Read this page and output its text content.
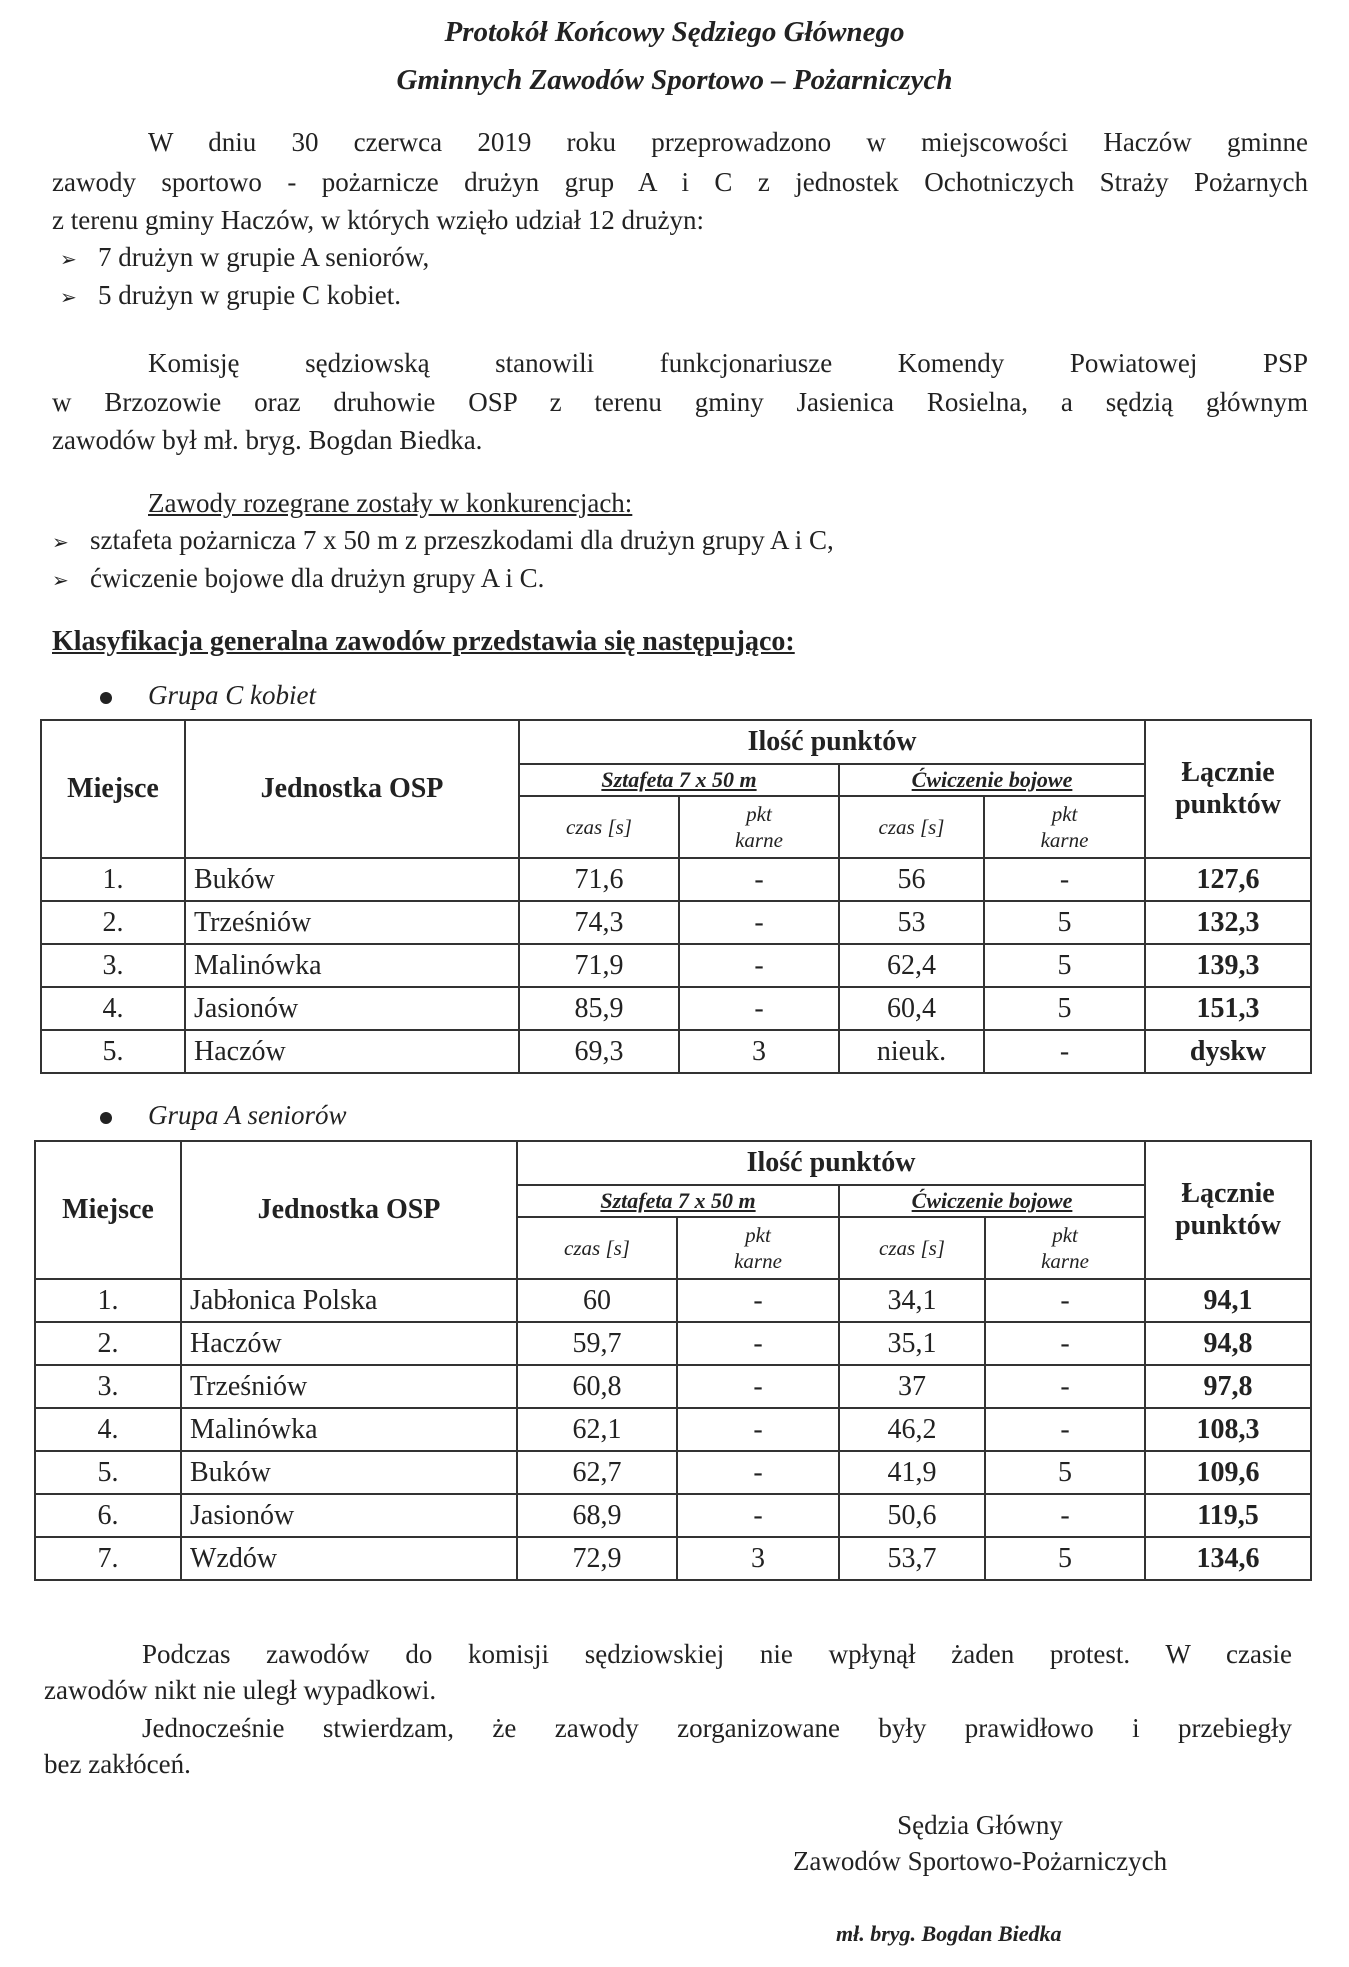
Protokół Końcowy Sędziego Głównego
Gminnych Zawodów Sportowo – Pożarniczych
W dniu 30 czerwca 2019 roku przeprowadzono w miejscowości Haczów gminne
zawody sportowo - pożarnicze drużyn grup A i C z jednostek Ochotniczych Straży Pożarnych
z terenu gminy Haczów, w których wzięło udział 12 drużyn:
➢ 7 drużyn w grupie A seniorów,
➢ 5 drużyn w grupie C kobiet.
Komisję sędziowską stanowili funkcjonariusze Komendy Powiatowej PSP
w Brzozowie oraz druhowie OSP z terenu gminy Jasienica Rosielna, a sędzią głównym
zawodów był mł. bryg. Bogdan Biedka.
Zawody rozegrane zostały w konkurencjach:
➢ sztafeta pożarnicza 7 x 50 m z przeszkodami dla drużyn grupy A i C,
➢ ćwiczenie bojowe dla drużyn grupy A i C.
Klasyfikacja generalna zawodów przedstawia się następująco:
Grupa C kobiet
Miejsce	Jednostka OSP	Ilość punktów				Łącznie
punktów
		Sztafeta 7 x 50 m		Ćwiczenie bojowe		
		czas [s]	pkt
karne	czas [s]	pkt
karne	
1.	Buków	71,6	-	56	-	127,6
2.	Trześniów	74,3	-	53	5	132,3
3.	Malinówka	71,9	-	62,4	5	139,3
4.	Jasionów	85,9	-	60,4	5	151,3
5.	Haczów	69,3	3	nieuk.	-	dyskw
Grupa A seniorów
Miejsce	Jednostka OSP	Ilość punktów				Łącznie
punktów
		Sztafeta 7 x 50 m		Ćwiczenie bojowe		
		czas [s]	pkt
karne	czas [s]	pkt
karne	
1.	Jabłonica Polska	60	-	34,1	-	94,1
2.	Haczów	59,7	-	35,1	-	94,8
3.	Trześniów	60,8	-	37	-	97,8
4.	Malinówka	62,1	-	46,2	-	108,3
5.	Buków	62,7	-	41,9	5	109,6
6.	Jasionów	68,9	-	50,6	-	119,5
7.	Wzdów	72,9	3	53,7	5	134,6
Podczas zawodów do komisji sędziowskiej nie wpłynął żaden protest. W czasie
zawodów nikt nie uległ wypadkowi.
Jednocześnie stwierdzam, że zawody zorganizowane były prawidłowo i przebiegły
bez zakłóceń.
Sędzia Główny
Zawodów Sportowo-Pożarniczych
mł. bryg. Bogdan Biedka
